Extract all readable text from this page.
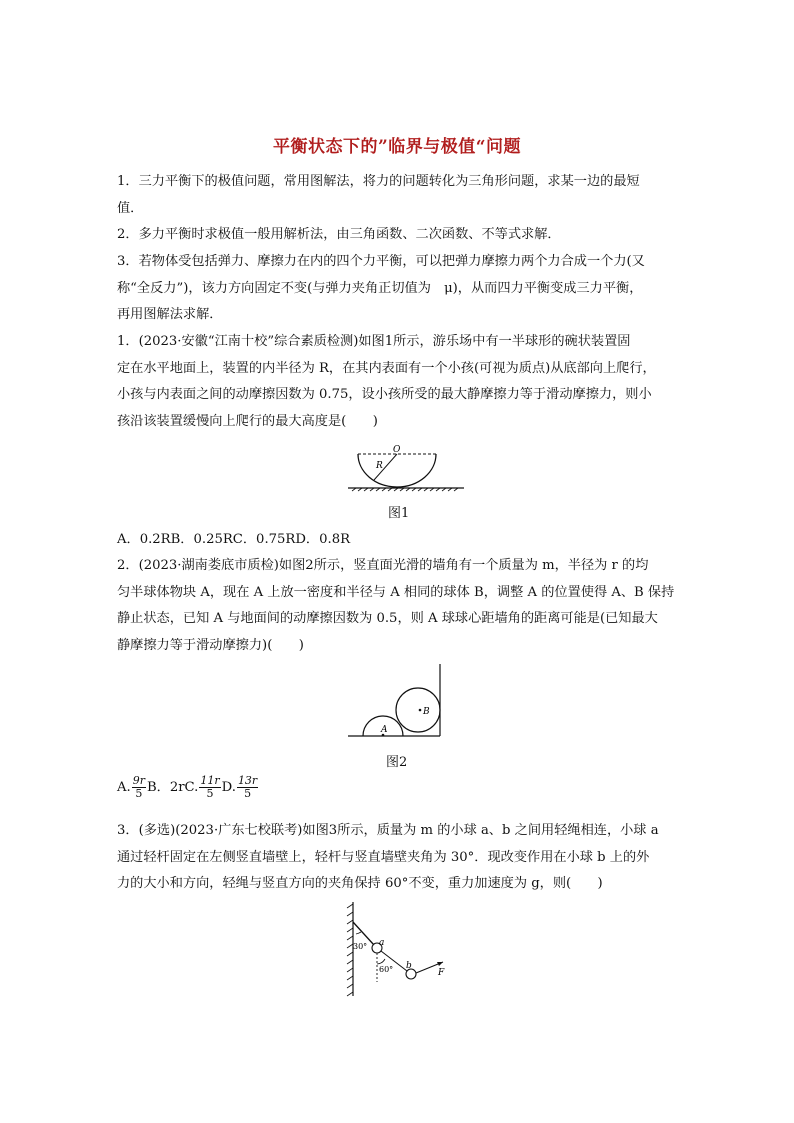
平衡状态下的”临界与极值“问题
1．三力平衡下的极值问题，常用图解法，将力的问题转化为三角形问题，求某一边的最短
值．
2．多力平衡时求极值一般用解析法，由三角函数、二次函数、不等式求解．
3．若物体受包括弹力、摩擦力在内的四个力平衡，可以把弹力摩擦力两个力合成一个力(又
称“全反力”)，该力方向固定不变(与弹力夹角正切值为　μ)，从而四力平衡变成三力平衡，
再用图解法求解．
1．(2023·安徽“江南十校”综合素质检测)如图1所示，游乐场中有一半球形的碗状装置固
定在水平地面上，装置的内半径为 R，在其内表面有一个小孩(可视为质点)从底部向上爬行，
小孩与内表面之间的动摩擦因数为 0.75，设小孩所受的最大静摩擦力等于滑动摩擦力，则小
孩沿该装置缓慢向上爬行的最大高度是(　　)
O
R
图1
A．0.2RB．0.25RC．0.75RD．0.8R
2．(2023·湖南娄底市质检)如图2所示，竖直面光滑的墙角有一个质量为 m，半径为 r 的均
匀半球体物块 A，现在 A 上放一密度和半径与 A 相同的球体 B，调整 A 的位置使得 A、B 保持
静止状态，已知 A 与地面间的动摩擦因数为 0.5，则 A 球球心距墙角的距离可能是(已知最大
静摩擦力等于滑动摩擦力)(　　)
A
B
图2
A. $\frac{9r}{5}$ B．2rC. $\frac{11r}{5} D$. $\frac{13r}{5}$
3．(多选)(2023·广东七校联考)如图3所示，质量为 m 的小球 a、b 之间用轻绳相连，小球 a
通过轻杆固定在左侧竖直墙壁上，轻杆与竖直墙壁夹角为 30°．现改变作用在小球 b 上的外
力的大小和方向，轻绳与竖直方向的夹角保持 60°不变，重力加速度为 g，则(　　)
30°
60°
a
b
F
